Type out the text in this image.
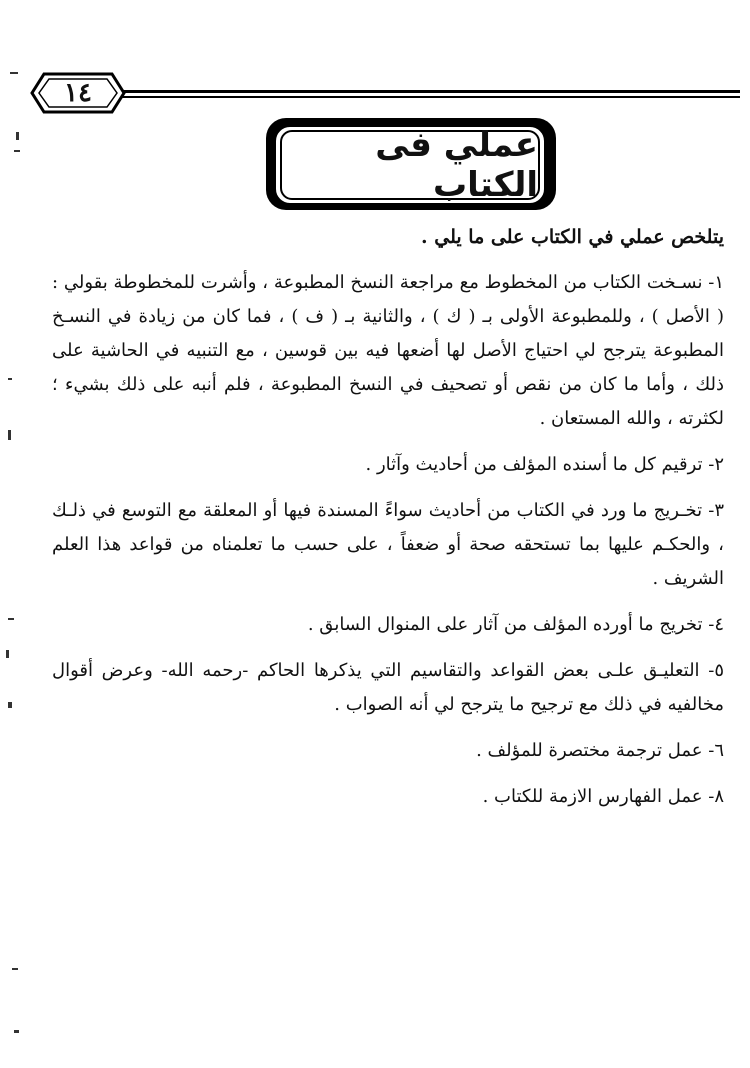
١٤
عملي فى الكتاب

يتلخص عملي في الكتاب على ما يلي .

١- نسـخت الكتاب من المخطوط مع مراجعة النسخ المطبوعة ، وأشرت للمخطوطة بقولي : ( الأصل ) ، وللمطبوعة الأولى بـ ( ك ) ، والثانية بـ ( ف ) ، فما كان من زيادة في النسـخ المطبوعة يترجح لي احتياج الأصل لها أضعها فيه بين قوسين ، مع التنبيه في الحاشية على ذلك ، وأما ما كان من نقص أو تصحيف في النسخ المطبوعة ، فلم أنبه على ذلك بشيء ؛ لكثرته ، والله المستعان .

٢- ترقيم كل ما أسنده المؤلف من أحاديث وآثار .

٣- تخـريج ما ورد في الكتاب من أحاديث سواءً المسندة فيها أو المعلقة مع التوسع في ذلـك ، والحكـم عليها بما تستحقه صحة أو ضعفاً ، على حسب ما تعلمناه من قواعد هذا العلم الشريف .

٤- تخريج ما أورده المؤلف من آثار على المنوال السابق .

٥- التعليـق علـى بعض القواعد والتقاسيم التي يذكرها الحاكم -رحمه الله- وعرض أقوال مخالفيه في ذلك مع ترجيح ما يترجح لي أنه الصواب .

٦- عمل ترجمة مختصرة للمؤلف .

٨- عمل الفهارس الازمة للكتاب .
